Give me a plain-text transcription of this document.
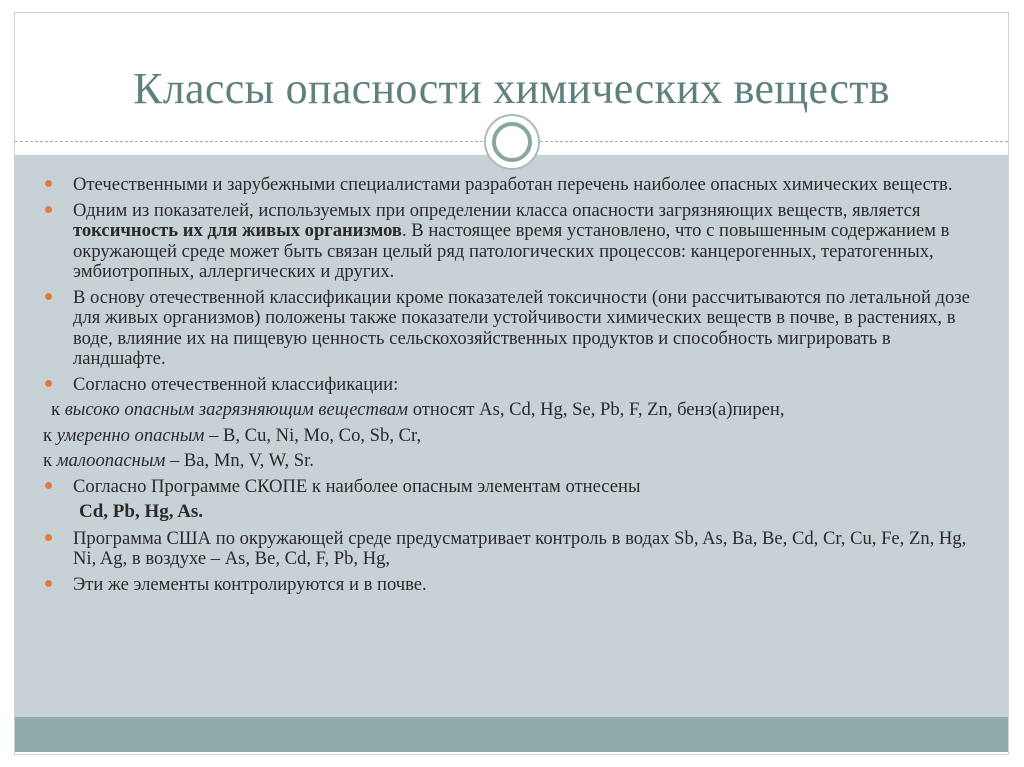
Классы опасности химических веществ
Отечественными и зарубежными специалистами разработан перечень наиболее опасных химических веществ.
Одним из показателей, используемых при определении класса опасности загрязняющих веществ, является токсичность их для живых организмов. В настоящее время установлено, что с повышенным содержанием в окружающей среде может быть связан целый ряд патологических процессов: канцерогенных, тератогенных, эмбиотропных, аллергических и других.
В основу отечественной классификации кроме показателей токсичности (они рассчитываются по летальной дозе для живых организмов) положены также показатели устойчивости химических веществ в почве, в растениях, в воде, влияние их на пищевую ценность сельскохозяйственных продуктов и способность мигрировать в ландшафте.
Согласно отечественной классификации:
к высоко опасным загрязняющим веществам относят As, Cd, Hg, Se, Pb, F, Zn, бенз(а)пирен,
к умеренно опасным – B, Cu, Ni, Mo, Co, Sb, Cr,
к малоопасным – Ba, Mn, V, W, Sr.
Согласно Программе СКОПЕ к наиболее опасным элементам отнесены
Cd, Pb, Hg, As.
Программа США по окружающей среде предусматривает контроль в водах Sb, As, Ba, Be, Cd, Cr, Cu, Fe, Zn, Hg, Ni, Ag, в воздухе – As, Be, Cd, F, Pb, Hg,
Эти же элементы контролируются и в почве.
